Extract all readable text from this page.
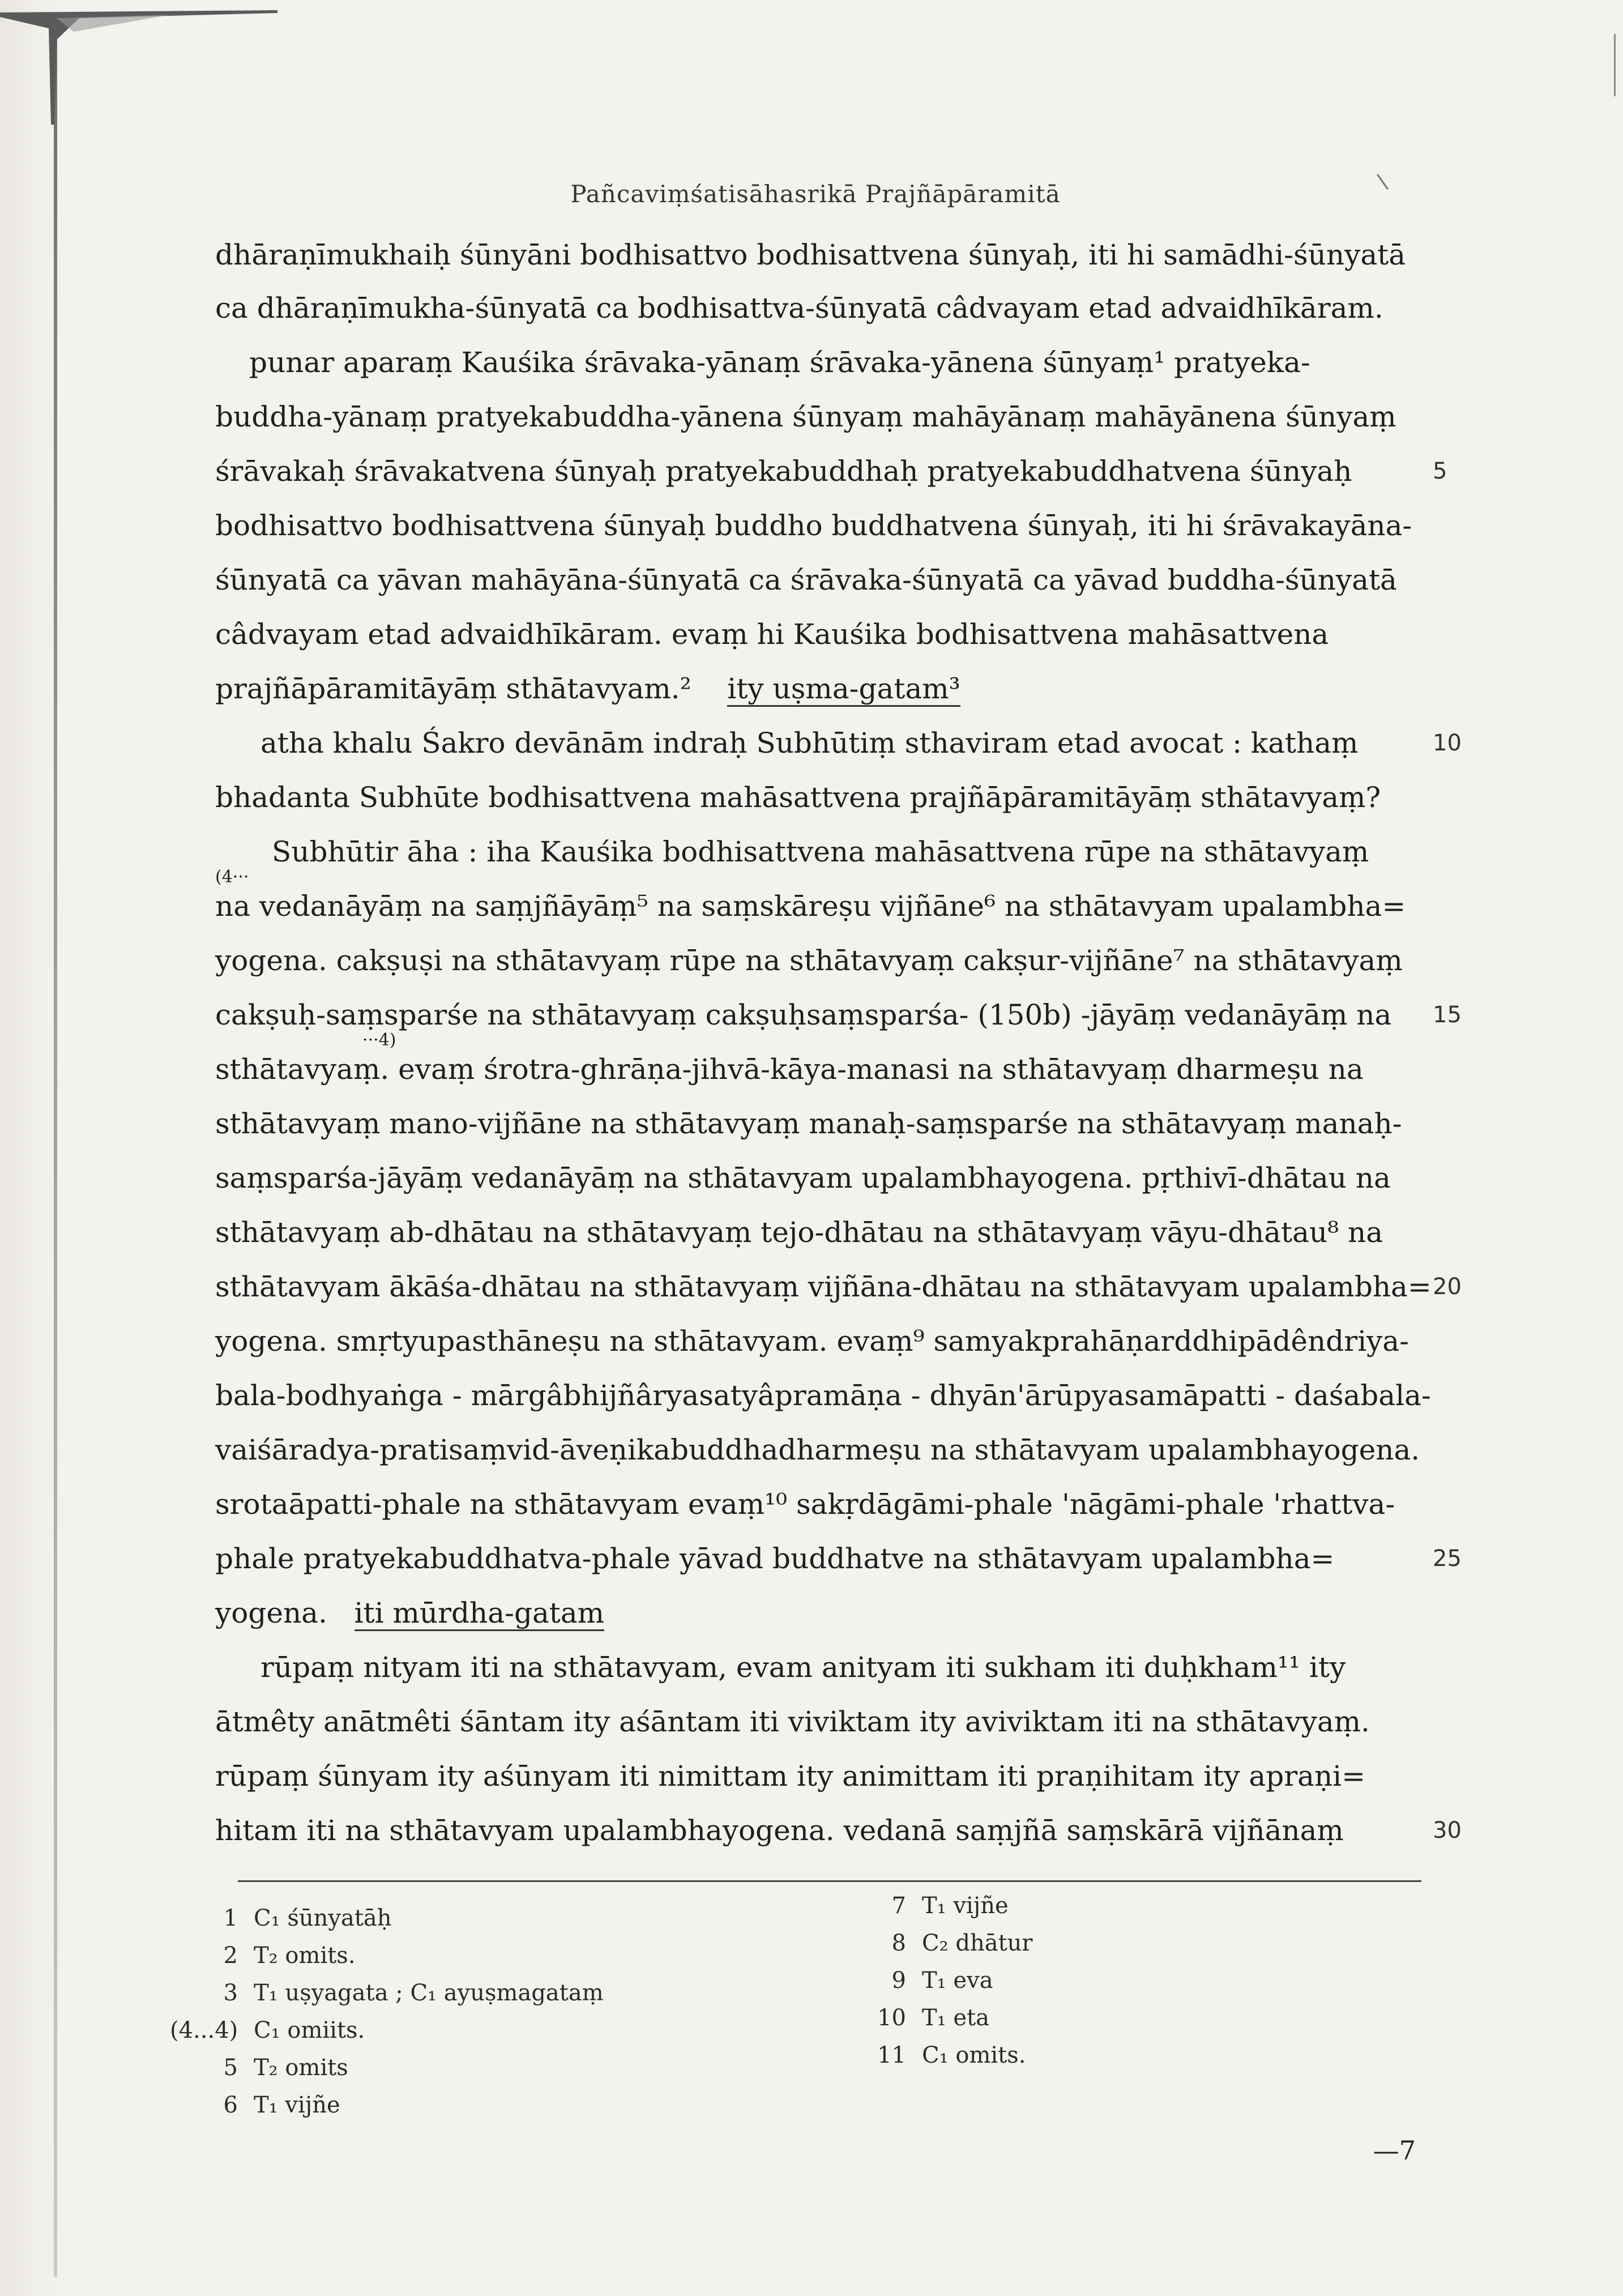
Pañcaviṃśatisāhasrikā Prajñāpāramitā
dhāraṇīmukhaiḥ śūnyāni bodhisattvo bodhisattvena śūnyaḥ, iti hi samādhi-śūnyatā
ca dhāraṇīmukha-śūnyatā ca bodhisattva-śūnyatā câdvayam etad advaidhīkāram.
punar aparaṃ Kauśika śrāvaka-yānaṃ śrāvaka-yānena śūnyaṃ¹ pratyeka-
buddha-yānaṃ pratyekabuddha-yānena śūnyaṃ mahāyānaṃ mahāyānena śūnyaṃ
śrāvakaḥ śrāvakatvena śūnyaḥ pratyekabuddhaḥ pratyekabuddhatvena śūnyaḥ	5
bodhisattvo bodhisattvena śūnyaḥ buddho buddhatvena śūnyaḥ, iti hi śrāvakayāna-
śūnyatā ca yāvan mahāyāna-śūnyatā ca śrāvaka-śūnyatā ca yāvad buddha-śūnyatā
câdvayam etad advaidhīkāram. evaṃ hi Kauśika bodhisattvena mahāsattvena
prajñāpāramitāyāṃ sthātavyam.² ity uṣma-gatam³
atha khalu Śakro devānām indraḥ Subhūtiṃ sthaviram etad avocat : kathaṃ	10
bhadanta Subhūte bodhisattvena mahāsattvena prajñāpāramitāyāṃ sthātavyaṃ?
Subhūtir āha : iha Kauśika bodhisattvena mahāsattvena rūpe na sthātavyaṃ
(4···
na vedanāyāṃ na saṃjñāyāṃ⁵ na saṃskāreṣu vijñāne⁶ na sthātavyam upalambha=
yogena. cakṣuṣi na sthātavyaṃ rūpe na sthātavyaṃ cakṣur-vijñāne⁷ na sthātavyaṃ
cakṣuḥ-saṃsparśe na sthātavyaṃ cakṣuḥsaṃsparśa- (150b) -jāyāṃ vedanāyāṃ na	15
···4)
sthātavyaṃ. evaṃ śrotra-ghrāṇa-jihvā-kāya-manasi na sthātavyaṃ dharmeṣu na
sthātavyaṃ mano-vijñāne na sthātavyaṃ manaḥ-saṃsparśe na sthātavyaṃ manaḥ-
saṃsparśa-jāyāṃ vedanāyāṃ na sthātavyam upalambhayogena. pṛthivī-dhātau na
sthātavyaṃ ab-dhātau na sthātavyaṃ tejo-dhātau na sthātavyaṃ vāyu-dhātau⁸ na
sthātavyam ākāśa-dhātau na sthātavyaṃ vijñāna-dhātau na sthātavyam upalambha= 20
yogena. smṛtyupasthāneṣu na sthātavyam. evaṃ⁹ samyakprahāṇarddhipādêndriya-
bala-bodhyaṅga - mārgâbhijñâryasatyâpramāṇa - dhyān'ārūpyasamāpatti - daśabala-
vaiśāradya-pratisaṃvid-āveṇikabuddhadharmeṣu na sthātavyam upalambhayogena.
srotaāpatti-phale na sthātavyam evaṃ¹⁰ sakṛdāgāmi-phale 'nāgāmi-phale 'rhattva-
phale pratyekabuddhatva-phale yāvad buddhatve na sthātavyam upalambha=	25
yogena. iti mūrdha-gatam
rūpaṃ nityam iti na sthātavyam, evam anityam iti sukham iti duḥkham¹¹ ity
ātmêty anātmêti śāntam ity aśāntam iti viviktam ity aviviktam iti na sthātavyaṃ.
rūpaṃ śūnyam ity aśūnyam iti nimittam ity animittam iti praṇihitam ity apraṇi=
hitam iti na sthātavyam upalambhayogena. vedanā saṃjñā saṃskārā vijñānaṃ	30
1 C₁ śūnyatāḥ
2 T₂ omits.
3 T₁ uṣyagata ; C₁ ayuṣmagataṃ
(4...4) C₁ omiits.
5 T₂ omits
6 T₁ vijñe
7 T₁ vijñe
8 C₂ dhātur
9 T₁ eva
10 T₁ eta
11 C₁ omits.
—7
